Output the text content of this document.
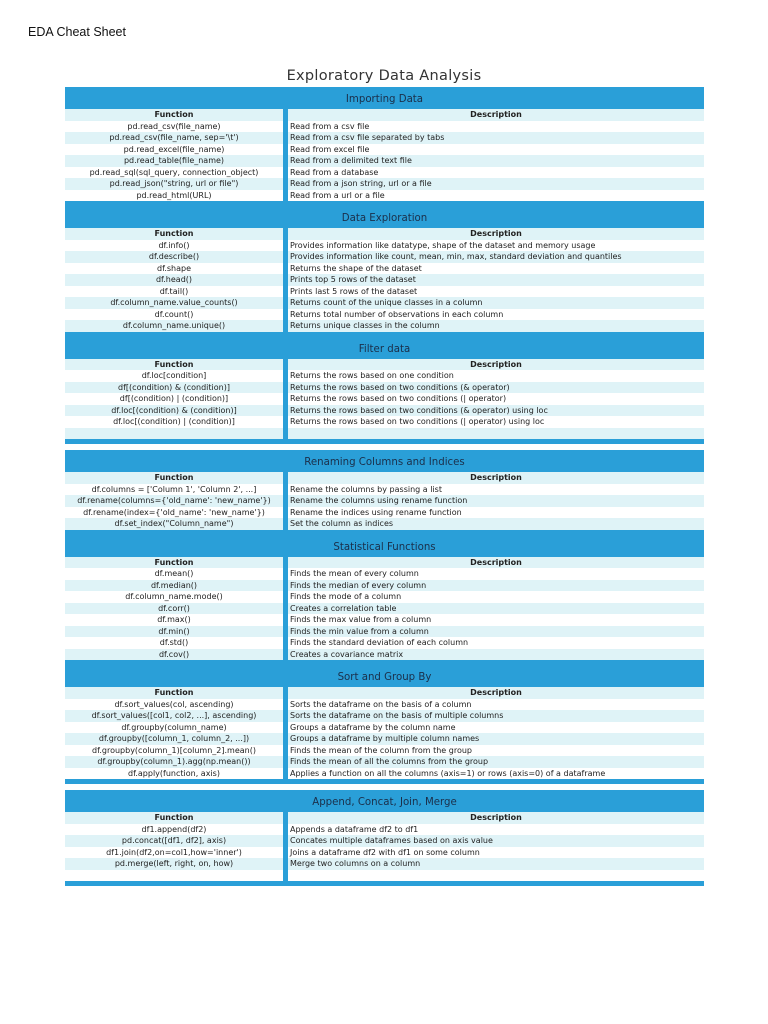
EDA Cheat Sheet
Exploratory Data Analysis
Importing Data
Function	Description
pd.read_csv(file_name)	Read from a csv file
pd.read_csv(file_name, sep='\t')	Read from a csv file separated by tabs
pd.read_excel(file_name)	Read from excel file
pd.read_table(file_name)	Read from a delimited text file
pd.read_sql(sql_query, connection_object)	Read from a database
pd.read_json("string, url or file")	Read from a json string, url or a file
pd.read_html(URL)	Read from a url or a file
Data Exploration
Function	Description
df.info()	Provides information like datatype, shape of the dataset and memory usage
df.describe()	Provides information like count, mean, min, max, standard deviation and quantiles
df.shape	Returns the shape of the dataset
df.head()	Prints top 5 rows of the dataset
df.tail()	Prints last 5 rows of the dataset
df.column_name.value_counts()	Returns count of the unique classes in a column
df.count()	Returns total number of observations in each column
df.column_name.unique()	Returns unique classes in the column
Filter data
Function	Description
df.loc[condition]	Returns the rows based on one condition
df[(condition) & (condition)]	Returns the rows based on two conditions (& operator)
df[(condition) | (condition)]	Returns the rows based on two conditions (| operator)
df.loc[(condition) & (condition)]	Returns the rows based on two conditions (& operator) using loc
df.loc[(condition) | (condition)]	Returns the rows based on two conditions (| operator) using loc
Renaming Columns and Indices
Function	Description
df.columns = ['Column 1', 'Column 2', ...]	Rename the columns by passing a list
df.rename(columns={'old_name': 'new_name'})	Rename the columns using rename function
df.rename(index={'old_name': 'new_name'})	Rename the indices using rename function
df.set_index("Column_name")	Set the column as indices
Statistical Functions
Function	Description
df.mean()	Finds the mean of every column
df.median()	Finds the median of every column
df.column_name.mode()	Finds the mode of a column
df.corr()	Creates a correlation table
df.max()	Finds the max value from a column
df.min()	Finds the min value from a column
df.std()	Finds the standard deviation of each column
df.cov()	Creates a covariance matrix
Sort and Group By
Function	Description
df.sort_values(col, ascending)	Sorts the dataframe on the basis of a column
df.sort_values([col1, col2, ...], ascending)	Sorts the dataframe on the basis of multiple columns
df.groupby(column_name)	Groups a dataframe by the column name
df.groupby([column_1, column_2, ...])	Groups a dataframe by multiple column names
df.groupby(column_1)[column_2].mean()	Finds the mean of the column from the group
df.groupby(column_1).agg(np.mean())	Finds the mean of all the columns from the group
df.apply(function, axis)	Applies a function on all the columns (axis=1) or rows (axis=0) of a dataframe
Append, Concat, Join, Merge
Function	Description
df1.append(df2)	Appends a dataframe df2 to df1
pd.concat([df1, df2], axis)	Concates multiple dataframes based on axis value
df1.join(df2,on=col1,how='inner')	Joins a dataframe df2 with df1 on some column
pd.merge(left, right, on, how)	Merge two columns on a column
